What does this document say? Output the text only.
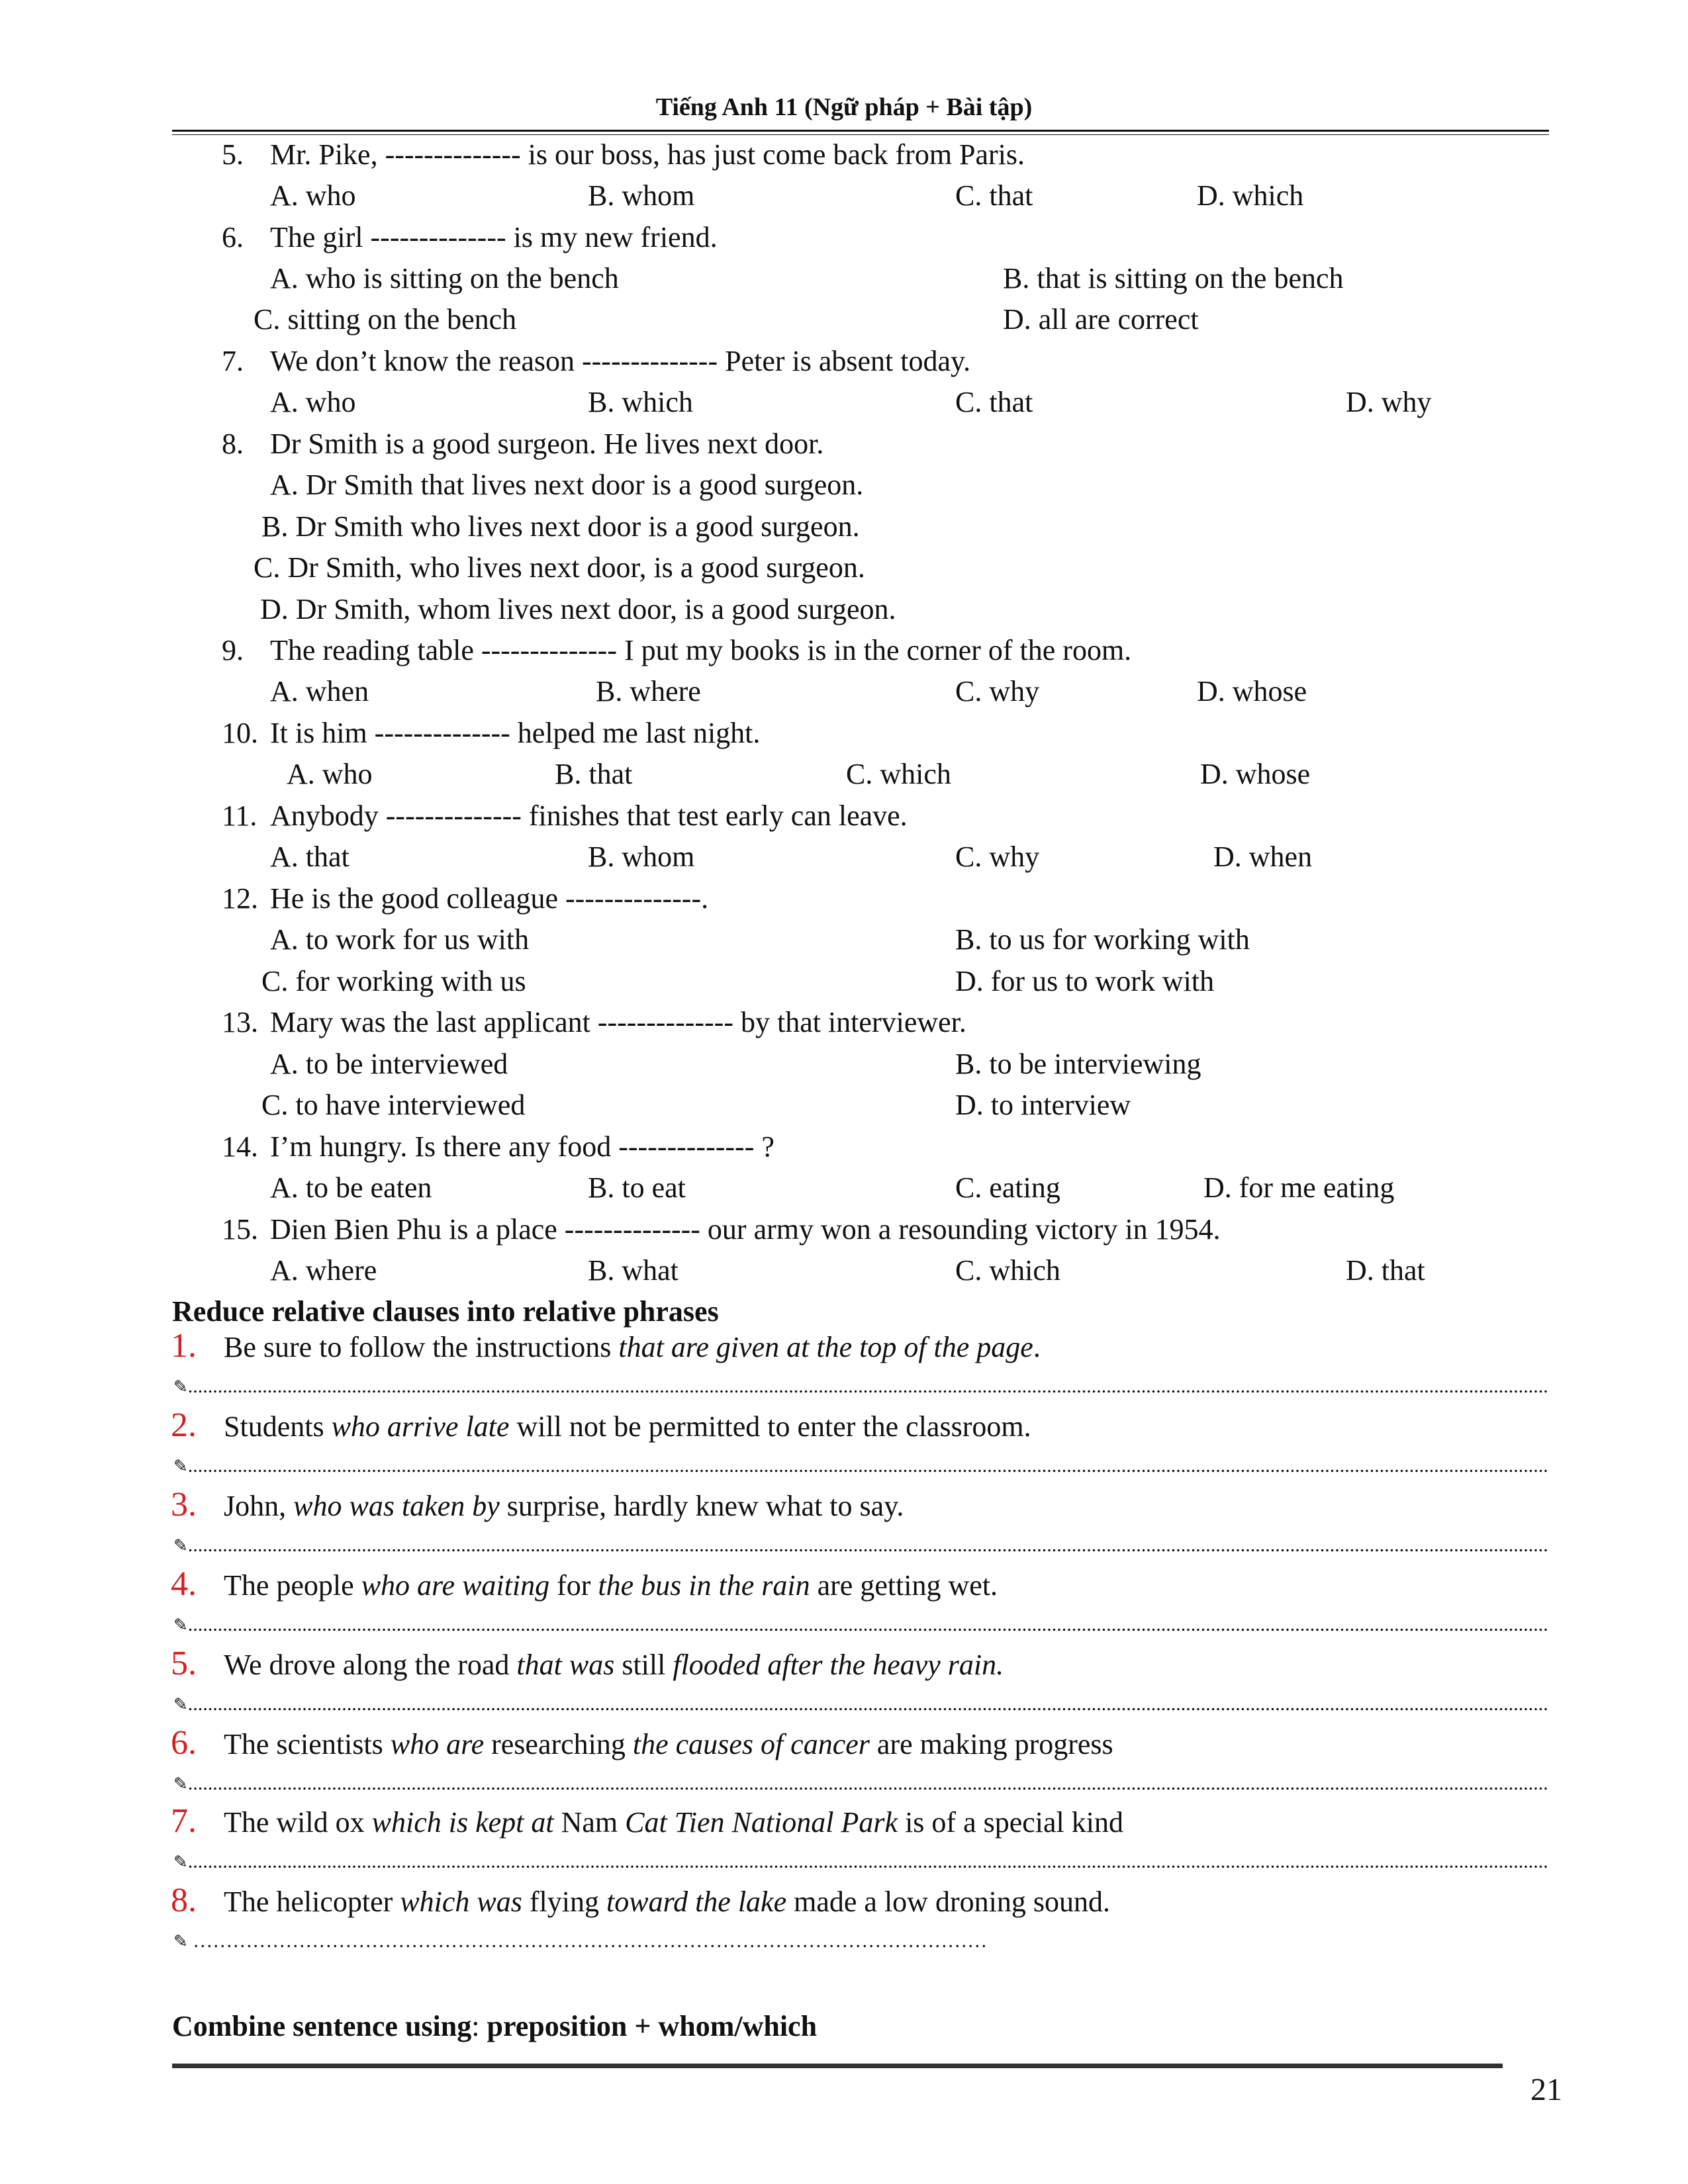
Tiếng Anh 11 (Ngữ pháp + Bài tập)
5. Mr. Pike, -------------- is our boss, has just come back from Paris.
A. who	B. whom	C. that	D. which
6. The girl -------------- is my new friend.
A. who is sitting on the bench	B. that is sitting on the bench
C. sitting on the bench	D. all are correct
7. We don’t know the reason -------------- Peter is absent today.
A. who	B. which	C. that	D. why
8. Dr Smith is a good surgeon. He lives next door.
A. Dr Smith that lives next door is a good surgeon.
B. Dr Smith who lives next door is a good surgeon.
C. Dr Smith, who lives next door, is a good surgeon.
D. Dr Smith, whom lives next door, is a good surgeon.
9. The reading table -------------- I put my books is in the corner of the room.
A. when	B. where	C. why	D. whose
10. It is him -------------- helped me last night.
A. who	B. that	C. which	D. whose
11. Anybody -------------- finishes that test early can leave.
A. that	B. whom	C. why	D. when
12. He is the good colleague --------------.
A. to work for us with	B. to us for working with
C. for working with us	D. for us to work with
13. Mary was the last applicant -------------- by that interviewer.
A. to be interviewed	B. to be interviewing
C. to have interviewed	D. to interview
14. I’m hungry. Is there any food -------------- ?
A. to be eaten	B. to eat	C. eating	D. for me eating
15. Dien Bien Phu is a place -------------- our army won a resounding victory in 1954.
A. where	B. what	C. which	D. that
Reduce relative clauses into relative phrases
1. Be sure to follow the instructions that are given at the top of the page.
✎..................................................................................................................................................................................................................................................................................
2. Students who arrive late will not be permitted to enter the classroom.
✎..................................................................................................................................................................................................................................................................................
3. John, who was taken by surprise, hardly knew what to say.
✎..................................................................................................................................................................................................................................................................................
4. The people who are waiting for the bus in the rain are getting wet.
✎..................................................................................................................................................................................................................................................................................
5. We drove along the road that was still flooded after the heavy rain.
✎..................................................................................................................................................................................................................................................................................
6. The scientists who are researching the causes of cancer are making progress
✎..................................................................................................................................................................................................................................................................................
7. The wild ox which is kept at Nam Cat Tien National Park is of a special kind
✎..................................................................................................................................................................................................................................................................................
8. The helicopter which was flying toward the lake made a low droning sound.
✎ …………………………………………………………………………………………………………
Combine sentence using: preposition + whom/which
21
